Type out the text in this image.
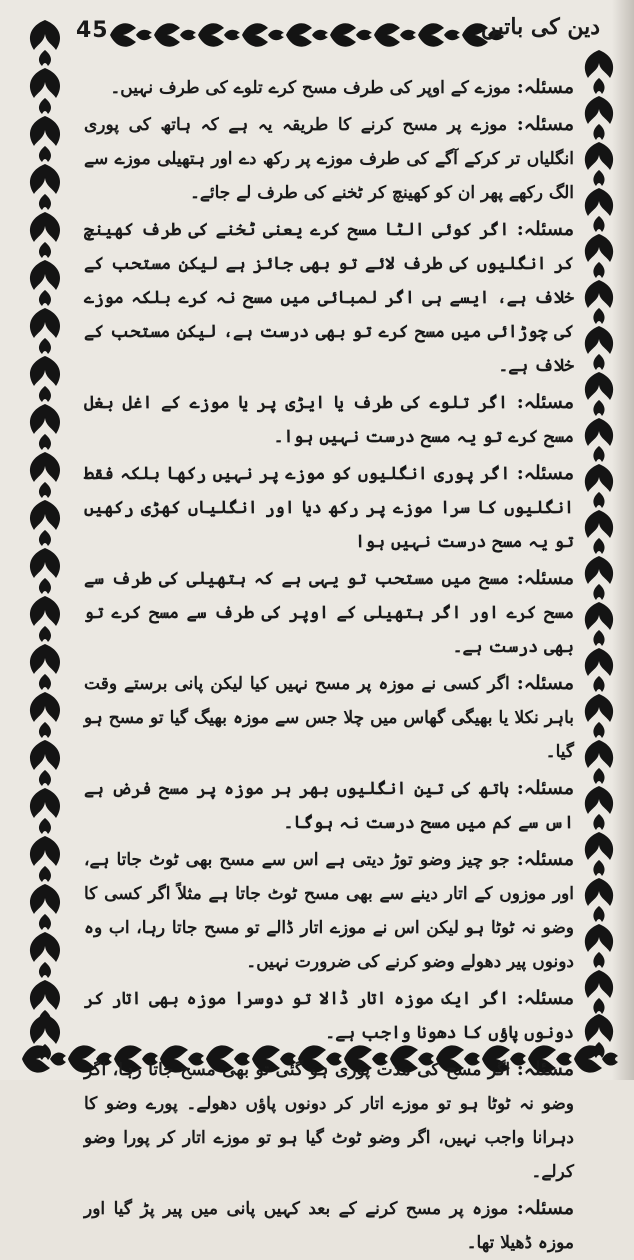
45	دین کی باتیں

مسئلہ: موزے کے اوپر کی طرف مسح کرے تلوے کی طرف نہیں۔

مسئلہ: موزے پر مسح کرنے کا طریقہ یہ ہے کہ ہاتھ کی پوری انگلیاں تر کرکے آگے کی طرف موزے پر رکھ دے اور ہتھیلی موزے سے الگ رکھے پھر ان کو کھینچ کر ٹخنے کی طرف لے جائے۔

مسئلہ: اگر کوئی الٹا مسح کرے یعنی ٹخنے کی طرف کھینچ کر انگلیوں کی طرف لائے تو بھی جائز ہے لیکن مستحب کے خلاف ہے، ایسے ہی اگر لمبائی میں مسح نہ کرے بلکہ موزے کی چوڑائی میں مسح کرے تو بھی درست ہے، لیکن مستحب کے خلاف ہے۔

مسئلہ: اگر تلوے کی طرف یا ایڑی پر یا موزے کے اغل بغل مسح کرے تو یہ مسح درست نہیں ہوا۔

مسئلہ: اگر پوری انگلیوں کو موزے پر نہیں رکھا بلکہ فقط انگلیوں کا سرا موزے پر رکھ دیا اور انگلیاں کھڑی رکھیں تو یہ مسح درست نہیں ہوا

مسئلہ: مسح میں مستحب تو یہی ہے کہ ہتھیلی کی طرف سے مسح کرے اور اگر ہتھیلی کے اوپر کی طرف سے مسح کرے تو بھی درست ہے۔

مسئلہ: اگر کسی نے موزہ پر مسح نہیں کیا لیکن پانی برستے وقت باہر نکلا یا بھیگی گھاس میں چلا جس سے موزہ بھیگ گیا تو مسح ہو گیا۔

مسئلہ: ہاتھ کی تین انگلیوں بھر ہر موزہ پر مسح فرض ہے اس سے کم میں مسح درست نہ ہوگا۔

مسئلہ: جو چیز وضو توڑ دیتی ہے اس سے مسح بھی ٹوٹ جاتا ہے، اور موزوں کے اتار دینے سے بھی مسح ٹوٹ جاتا ہے مثلاً اگر کسی کا وضو نہ ٹوٹا ہو لیکن اس نے موزے اتار ڈالے تو مسح جاتا رہا، اب وہ دونوں پیر دھولے وضو کرنے کی ضرورت نہیں۔

مسئلہ: اگر ایک موزہ اتار ڈالا تو دوسرا موزہ بھی اتار کر دونوں پاؤں کا دھونا واجب ہے۔

مسئلہ: اگر مسح کی مدت پوری ہو گئی تو بھی مسح جاتا رہا، اگر وضو نہ ٹوٹا ہو تو موزے اتار کر دونوں پاؤں دھولے۔ پورے وضو کا دہرانا واجب نہیں، اگر وضو ٹوٹ گیا ہو تو موزے اتار کر پورا وضو کرلے۔

مسئلہ: موزہ پر مسح کرنے کے بعد کہیں پانی میں پیر پڑ گیا اور موزہ ڈھیلا تھا۔
